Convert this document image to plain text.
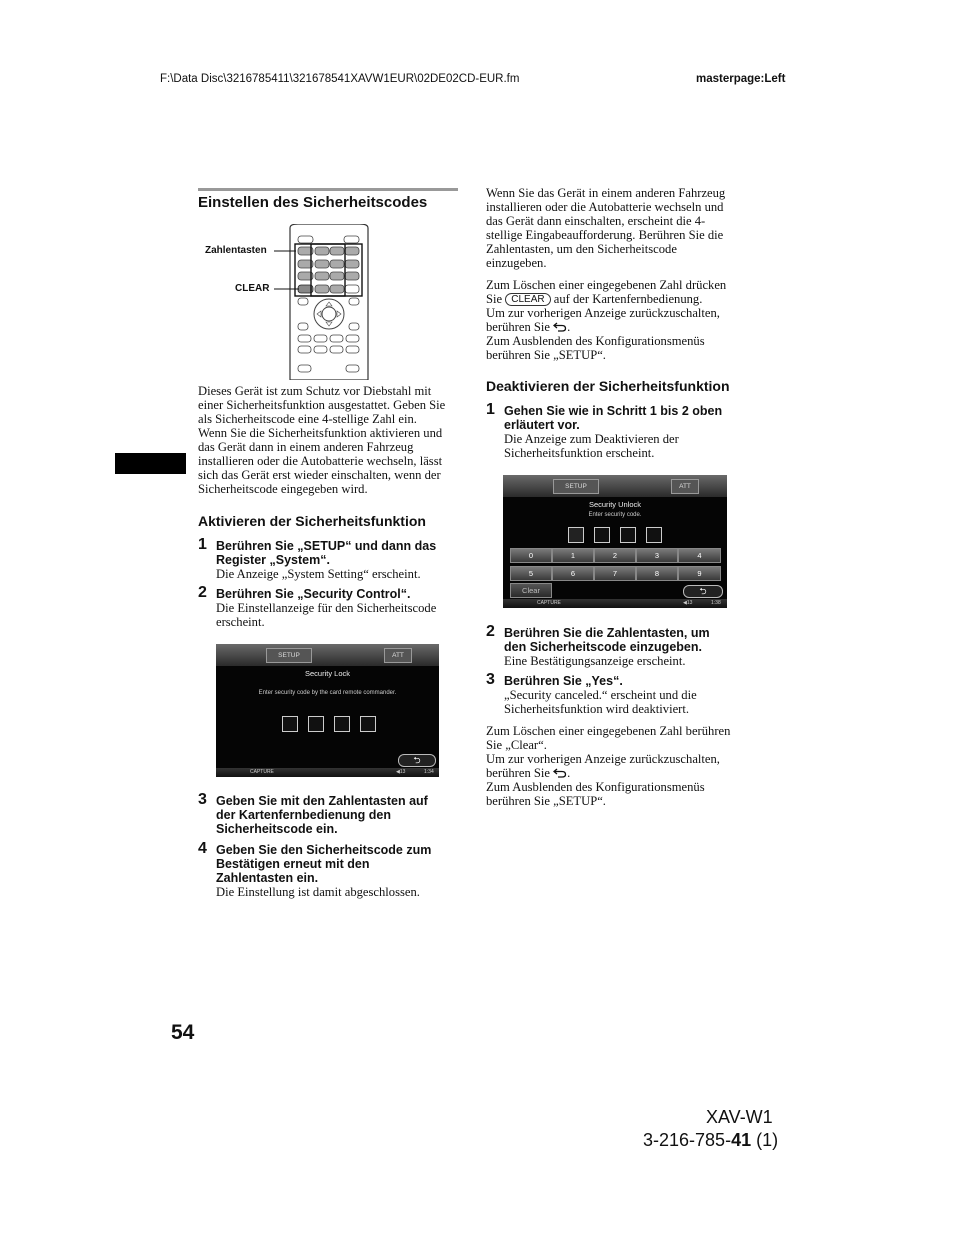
F:\Data Disc\3216785411\321678541XAVW1EUR\02DE02CD-EUR.fm	masterpage:Left
Einstellen des Sicherheitscodes
Zahlentasten
CLEAR
Dieses Gerät ist zum Schutz vor Diebstahl mit
einer Sicherheitsfunktion ausgestattet. Geben Sie
als Sicherheitscode eine 4-stellige Zahl ein.
Wenn Sie die Sicherheitsfunktion aktivieren und
das Gerät dann in einem anderen Fahrzeug
installieren oder die Autobatterie wechseln, lässt
sich das Gerät erst wieder einschalten, wenn der
Sicherheitscode eingegeben wird.
Aktivieren der Sicherheitsfunktion
1 Berühren Sie „SETUP“ und dann das
Register „System“.
Die Anzeige „System Setting“ erscheint.
2 Berühren Sie „Security Control“.
Die Einstellanzeige für den Sicherheitscode
erscheint.
SETUP	ATT
Security Lock
Enter security code by the card remote commander.
⮌
CAPTURE	◀13	1:34
3 Geben Sie mit den Zahlentasten auf
der Kartenfernbedienung den
Sicherheitscode ein.
4 Geben Sie den Sicherheitscode zum
Bestätigen erneut mit den
Zahlentasten ein.
Die Einstellung ist damit abgeschlossen.
Wenn Sie das Gerät in einem anderen Fahrzeug
installieren oder die Autobatterie wechseln und
das Gerät dann einschalten, erscheint die 4-
stellige Eingabeaufforderung. Berühren Sie die
Zahlentasten, um den Sicherheitscode
einzugeben.
Zum Löschen einer eingegebenen Zahl drücken
Sie CLEAR auf der Kartenfernbedienung.
Um zur vorherigen Anzeige zurückzuschalten,
berühren Sie .
Zum Ausblenden des Konfigurationsmenüs
berühren Sie „SETUP“.
Deaktivieren der Sicherheitsfunktion
1 Gehen Sie wie in Schritt 1 bis 2 oben
erläutert vor.
Die Anzeige zum Deaktivieren der
Sicherheitsfunktion erscheint.
SETUP	ATT
Security Unlock
Enter security code.
0	1	2	3	4
5	6	7	8	9
Clear	⮌
CAPTURE	◀13	1:38
2 Berühren Sie die Zahlentasten, um
den Sicherheitscode einzugeben.
Eine Bestätigungsanzeige erscheint.
3 Berühren Sie „Yes“.
„Security canceled.“ erscheint und die
Sicherheitsfunktion wird deaktiviert.
Zum Löschen einer eingegebenen Zahl berühren
Sie „Clear“.
Um zur vorherigen Anzeige zurückzuschalten,
berühren Sie .
Zum Ausblenden des Konfigurationsmenüs
berühren Sie „SETUP“.
54
XAV-W1
3-216-785-41 (1)
